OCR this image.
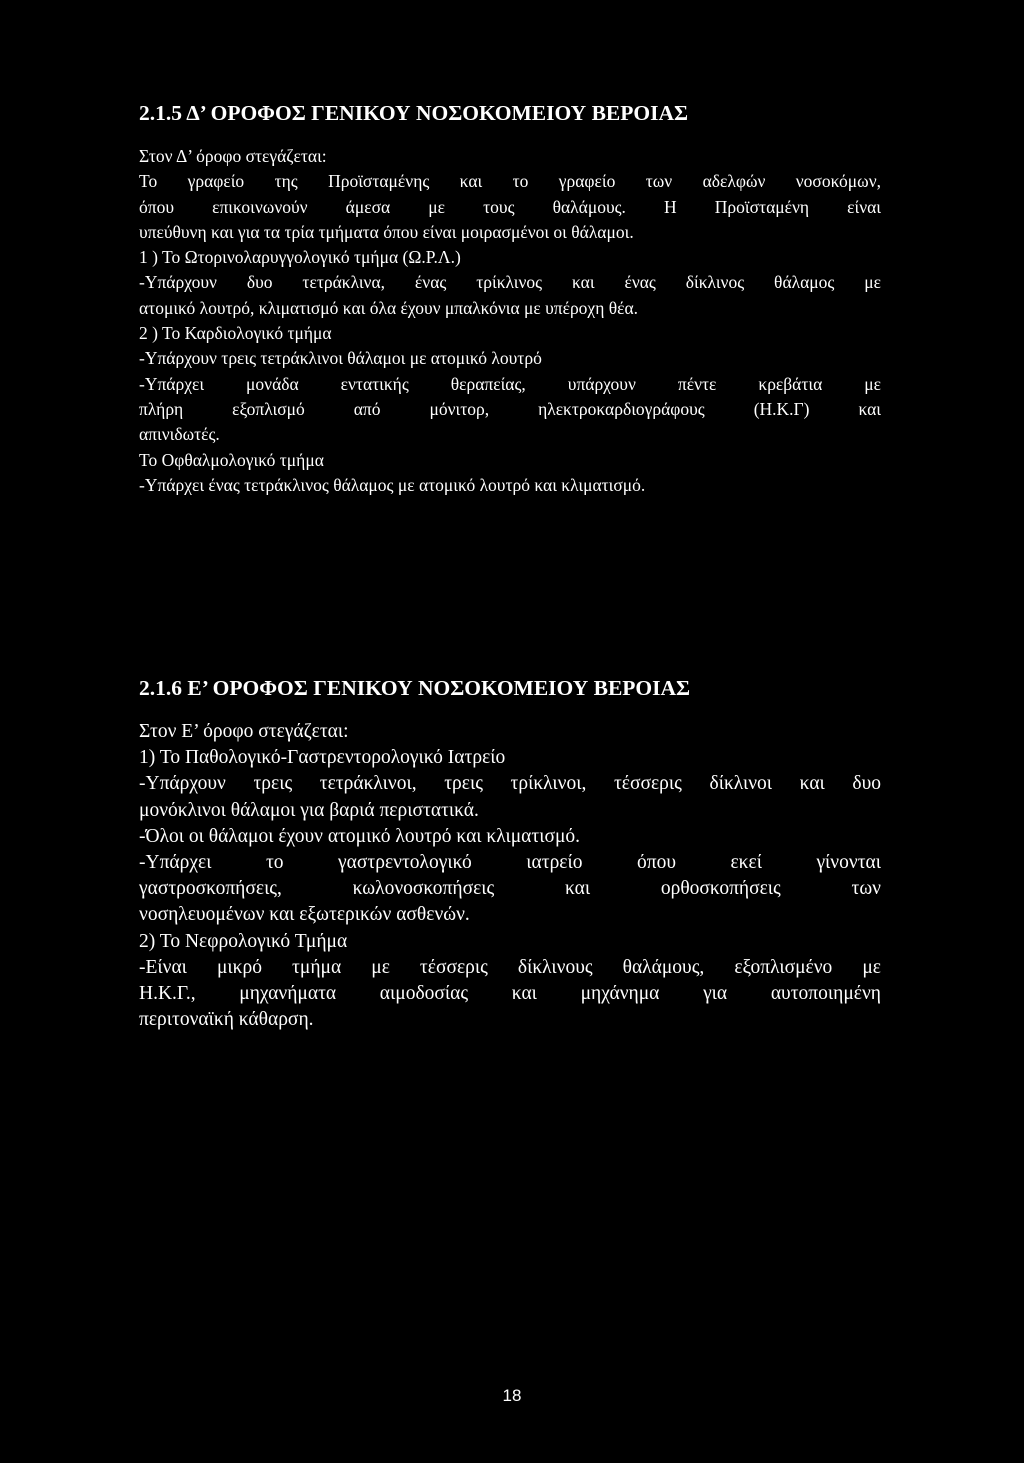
2.1.5 Δ’ ΟΡΟΦΟΣ ΓΕΝΙΚΟΥ ΝΟΣΟΚΟΜΕΙΟΥ ΒΕΡΟΙΑΣ
Στον Δ’ όροφο στεγάζεται:
Το γραφείο της Προϊσταμένης και το γραφείο των αδελφών νοσοκόμων,
όπου επικοινωνούν άμεσα με τους θαλάμους. Η Προϊσταμένη είναι
υπεύθυνη και για τα τρία τμήματα όπου είναι μοιρασμένοι οι θάλαμοι.
1 ) Το Ωτορινολαρυγγολογικό τμήμα (Ω.Ρ.Λ.)
-Υπάρχουν δυο τετράκλινα, ένας τρίκλινος και ένας δίκλινος θάλαμος με
ατομικό λουτρό, κλιματισμό και όλα έχουν μπαλκόνια με υπέροχη θέα.
2 ) Το Καρδιολογικό τμήμα
-Υπάρχουν τρεις τετράκλινοι θάλαμοι με ατομικό λουτρό
-Υπάρχει μονάδα εντατικής θεραπείας, υπάρχουν πέντε κρεβάτια με
πλήρη εξοπλισμό από μόνιτορ, ηλεκτροκαρδιογράφους (Η.Κ.Γ) και
απινιδωτές.
Το Οφθαλμολογικό τμήμα
-Υπάρχει ένας τετράκλινος θάλαμος με ατομικό λουτρό και κλιματισμό.
2.1.6 Ε’ ΟΡΟΦΟΣ ΓΕΝΙΚΟΥ ΝΟΣΟΚΟΜΕΙΟΥ ΒΕΡΟΙΑΣ
Στον Ε’ όροφο στεγάζεται:
1) Το Παθολογικό-Γαστρεντορολογικό Ιατρείο
-Υπάρχουν τρεις τετράκλινοι, τρεις τρίκλινοι, τέσσερις δίκλινοι και δυο
μονόκλινοι θάλαμοι για βαριά περιστατικά.
-Όλοι οι θάλαμοι έχουν ατομικό λουτρό και κλιματισμό.
-Υπάρχει το γαστρεντολογικό ιατρείο όπου εκεί γίνονται
γαστροσκοπήσεις, κωλονοσκοπήσεις και ορθοσκοπήσεις των
νοσηλευομένων και εξωτερικών ασθενών.
2) Το Νεφρολογικό Τμήμα
-Είναι μικρό τμήμα με τέσσερις δίκλινους θαλάμους, εξοπλισμένο με
Η.Κ.Γ., μηχανήματα αιμοδοσίας και μηχάνημα για αυτοποιημένη
περιτοναϊκή κάθαρση.
18
